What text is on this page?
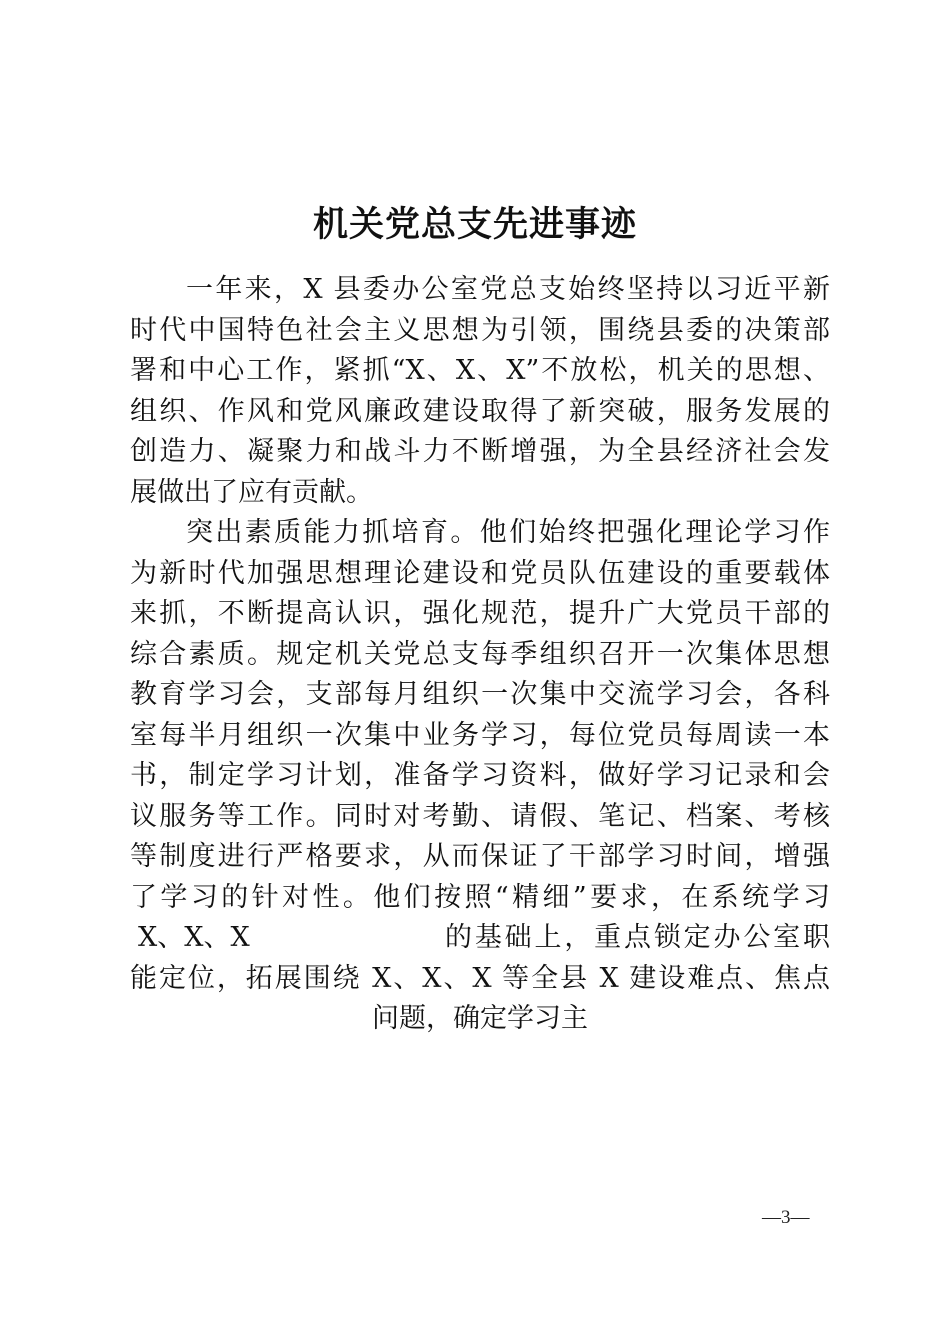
机关党总支先进事迹
一年来，X 县委办公室党总支始终坚持以习近平新
时代中国特色社会主义思想为引领，围绕县委的决策部
署和中心工作，紧抓“X、X、X”不放松，机关的思想、
组织、作风和党风廉政建设取得了新突破，服务发展的
创造力、凝聚力和战斗力不断增强，为全县经济社会发
展做出了应有贡献。
突出素质能力抓培育。他们始终把强化理论学习作
为新时代加强思想理论建设和党员队伍建设的重要载体
来抓，不断提高认识，强化规范，提升广大党员干部的
综合素质。规定机关党总支每季组织召开一次集体思想
教育学习会，支部每月组织一次集中交流学习会，各科
室每半月组织一次集中业务学习，每位党员每周读一本
书，制定学习计划，准备学习资料，做好学习记录和会
议服务等工作。同时对考勤、请假、笔记、档案、考核
等制度进行严格要求，从而保证了干部学习时间，增强
了学习的针对性。他们按照“精细”要求，在系统学习
X、X、X	的基础上，重点锁定办公室职
能定位，拓展围绕 X、X、X 等全县 X 建设难点、焦点
问题，确定学习主
—3—
